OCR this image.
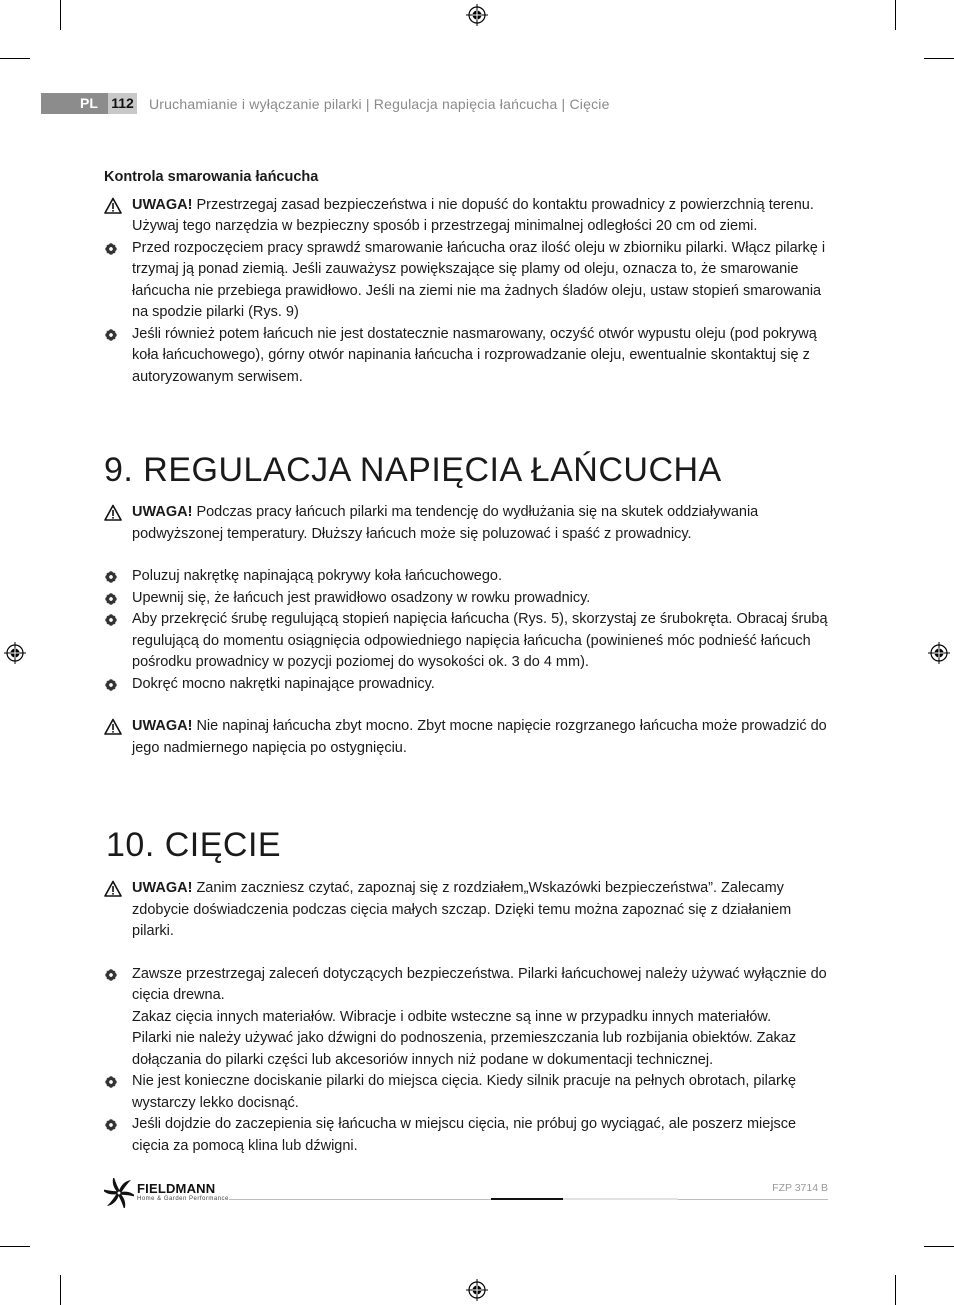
PL 112 Uruchamianie i wyłączanie pilarki | Regulacja napięcia łańcucha | Cięcie

Kontrola smarowania łańcucha

UWAGA! Przestrzegaj zasad bezpieczeństwa i nie dopuść do kontaktu prowadnicy z powierzchnią terenu. Używaj tego narzędzia w bezpieczny sposób i przestrzegaj minimalnej odległości 20 cm od ziemi.
Przed rozpoczęciem pracy sprawdź smarowanie łańcucha oraz ilość oleju w zbiorniku pilarki. Włącz pilarkę i trzymaj ją ponad ziemią. Jeśli zauważysz powiększające się plamy od oleju, oznacza to, że smarowanie łańcucha nie przebiega prawidłowo. Jeśli na ziemi nie ma żadnych śladów oleju, ustaw stopień smarowania na spodzie pilarki (Rys. 9)
Jeśli również potem łańcuch nie jest dostatecznie nasmarowany, oczyść otwór wypustu oleju (pod pokrywą koła łańcuchowego), górny otwór napinania łańcucha i rozprowadzanie oleju, ewentualnie skontaktuj się z autoryzowanym serwisem.
9. REGULACJA NAPIĘCIA ŁAŃCUCHA
UWAGA! Podczas pracy łańcuch pilarki ma tendencję do wydłużania się na skutek oddziaływania podwyższonej temperatury. Dłuższy łańcuch może się poluzować i spaść z prowadnicy.
Poluzuj nakrętkę napinającą pokrywy koła łańcuchowego.
Upewnij się, że łańcuch jest prawidłowo osadzony w rowku prowadnicy.
Aby przekręcić śrubę regulującą stopień napięcia łańcucha (Rys. 5), skorzystaj ze śrubokręta. Obracaj śrubą regulującą do momentu osiągnięcia odpowiedniego napięcia łańcucha (powinieneś móc podnieść łańcuch pośrodku prowadnicy w pozycji poziomej do wysokości ok. 3 do 4 mm).
Dokręć mocno nakrętki napinające prowadnicy.
UWAGA! Nie napinaj łańcucha zbyt mocno. Zbyt mocne napięcie rozgrzanego łańcucha może prowadzić do jego nadmiernego napięcia po ostygnięciu.
10. CIĘCIE
UWAGA! Zanim zaczniesz czytać, zapoznaj się z rozdziałem„Wskazówki bezpieczeństwa”. Zalecamy zdobycie doświadczenia podczas cięcia małych szczap. Dzięki temu można zapoznać się z działaniem pilarki.
Zawsze przestrzegaj zaleceń dotyczących bezpieczeństwa. Pilarki łańcuchowej należy używać wyłącznie do cięcia drewna.
Zakaz cięcia innych materiałów. Wibracje i odbite wsteczne są inne w przypadku innych materiałów.
Pilarki nie należy używać jako dźwigni do podnoszenia, przemieszczania lub rozbijania obiektów. Zakaz dołączania do pilarki części lub akcesoriów innych niż podane w dokumentacji technicznej.
Nie jest konieczne dociskanie pilarki do miejsca cięcia. Kiedy silnik pracuje na pełnych obrotach, pilarkę wystarczy lekko docisnąć.
Jeśli dojdzie do zaczepienia się łańcucha w miejscu cięcia, nie próbuj go wyciągać, ale poszerz miejsce cięcia za pomocą klina lub dźwigni.
FIELDMANN
Home & Garden Performance
FZP 3714 B
